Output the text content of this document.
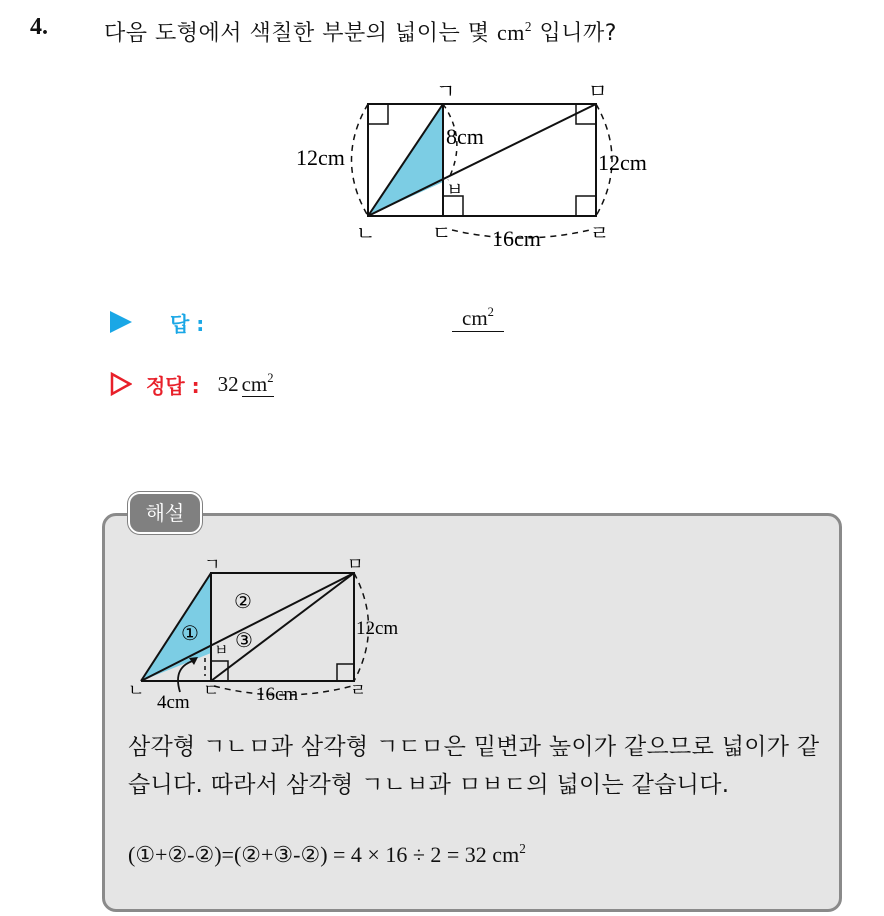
4.	다음 도형에서 색칠한 부분의 넓이는 몇 $cm^2$ 입니까?
ㄱ	ㅁ
ㄴ	ㄷ	ㄹ
ㅂ
12cm	12cm
8cm
16cm
답 :	$cm^2$
정답 : 32 $cm^2$
해설
ㄱ	ㅁ
ㄴ	ㄷ	ㄹ
ㅂ
①
②
③	12cm
16cm
4cm
삼각형 ㄱㄴㅁ과 삼각형 ㄱㄷㅁ은 밑변과 높이가 같으므로 넓이가 같습니다. 따라서 삼각형 ㄱㄴㅂ과 ㅁㅂㄷ의 넓이는 같습니다.
(①+②-②)=(②+③-②) = 4 × 16 ÷ 2 = 32 $cm^2$
